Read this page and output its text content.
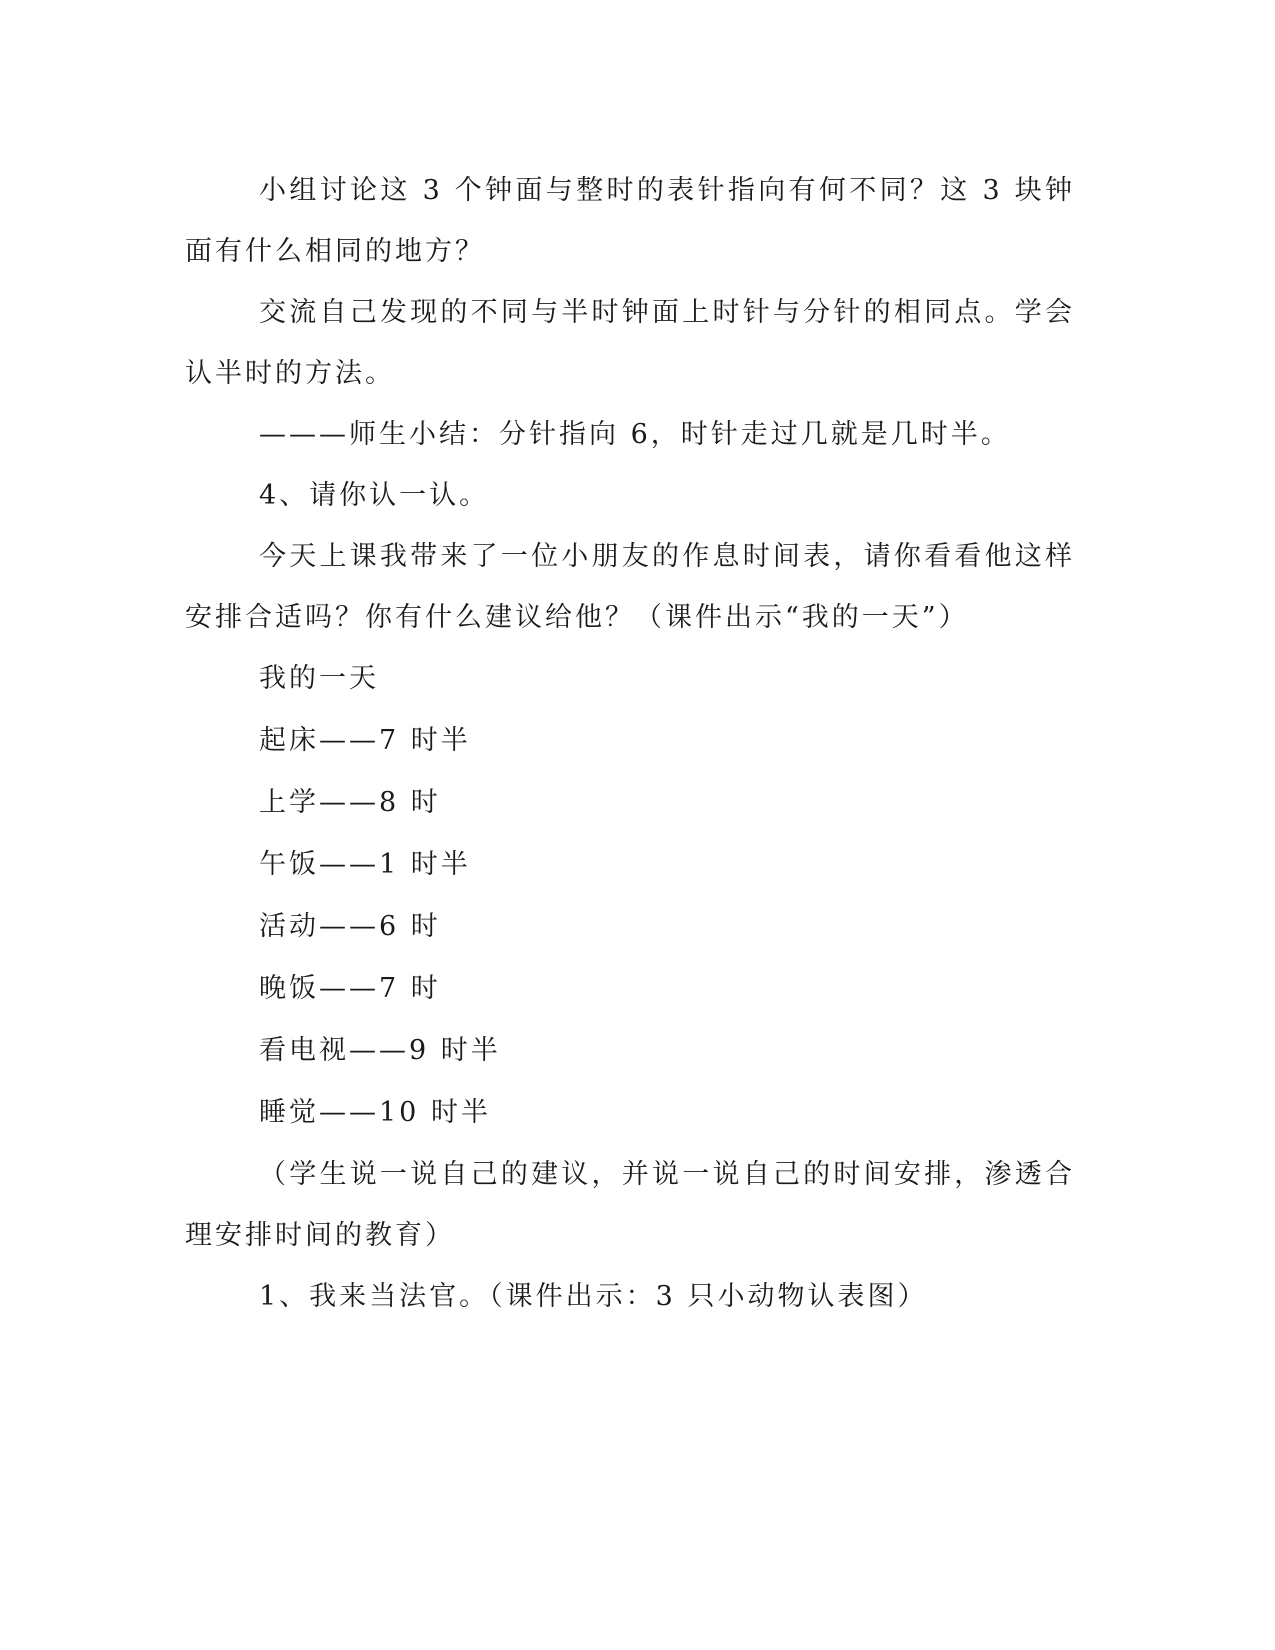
小组讨论这 3 个钟面与整时的表针指向有何不同？这 3 块钟面有什么相同的地方？

交流自己发现的不同与半时钟面上时针与分针的相同点。学会认半时的方法。

———师生小结：分针指向 6，时针走过几就是几时半。

4、请你认一认。

今天上课我带来了一位小朋友的作息时间表，请你看看他这样安排合适吗？你有什么建议给他？（课件出示“我的一天”）

我的一天

起床——7 时半

上学——8 时

午饭——1 时半

活动——6 时

晚饭——7 时

看电视——9 时半

睡觉——10 时半

（学生说一说自己的建议，并说一说自己的时间安排，渗透合理安排时间的教育）

1、我来当法官。（课件出示：3 只小动物认表图）
